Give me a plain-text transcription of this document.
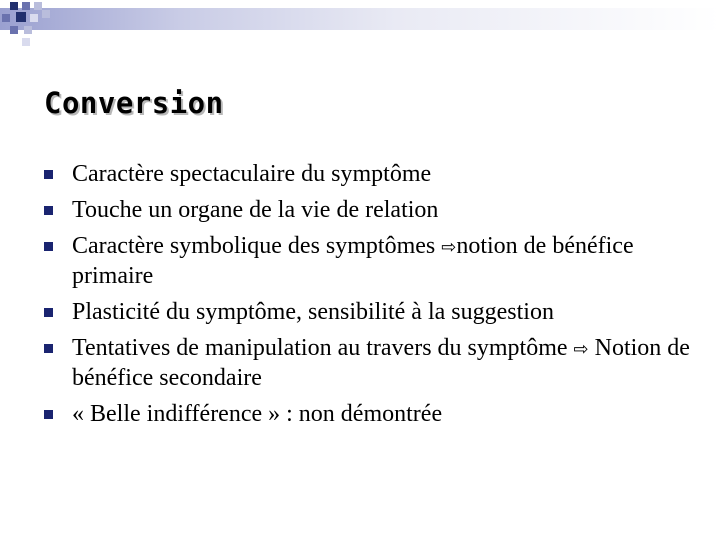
Conversion
Caractère spectaculaire du symptôme
Touche un organe de la vie de relation
Caractère symbolique des symptômes ⇨notion de bénéfice primaire
Plasticité du symptôme, sensibilité à la suggestion
Tentatives de manipulation au travers du symptôme ⇨ Notion de bénéfice secondaire
« Belle indifférence » : non démontrée
